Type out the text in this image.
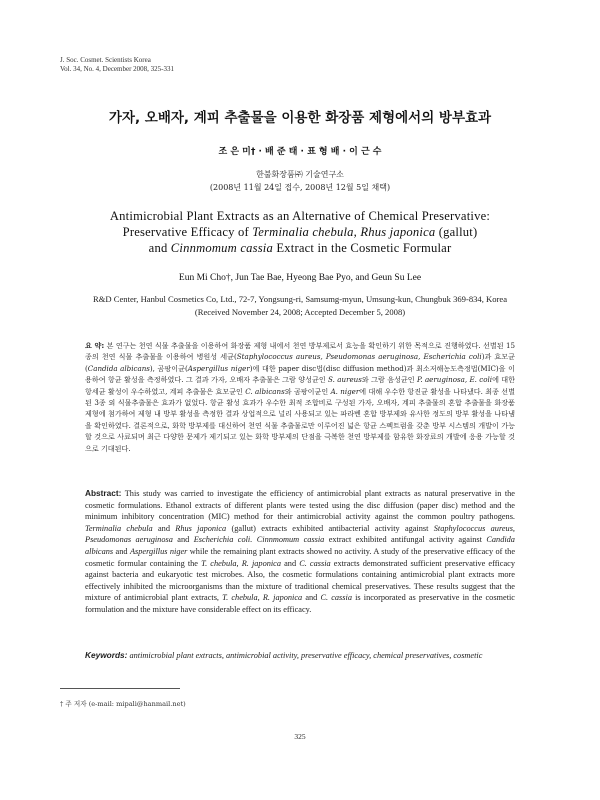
J. Soc. Cosmet. Scientists Korea
Vol. 34, No. 4, December 2008, 325-331
가자, 오배자, 계피 추출물을 이용한 화장품 제형에서의 방부효과
조 은 미† · 배 준 태 · 표 형 배 · 이 근 수
한불화장품㈜ 기술연구소
(2008년 11월 24일 접수, 2008년 12월 5일 채택)
Antimicrobial Plant Extracts as an Alternative of Chemical Preservative:
Preservative Efficacy of Terminalia chebula, Rhus japonica (gallut)
and Cinnmomum cassia Extract in the Cosmetic Formular
Eun Mi Cho†, Jun Tae Bae, Hyeong Bae Pyo, and Geun Su Lee
R&D Center, Hanbul Cosmetics Co, Ltd., 72-7, Yongsung-ri, Samsumg-myun, Umsung-kun, Chungbuk 369-834, Korea
(Received November 24, 2008; Accepted December 5, 2008)
요 약: 본 연구는 천연 식물 추출물을 이용하여 화장품 제형 내에서 천연 방부제로서 효능을 확인하기 위한 목적으로 진행하였다. 선별된 15종의 천연 식물 추출물을 이용하여 병원성 세균(Staphylococcus aureus, Pseudomonas aeruginosa, Escherichia coli)과 효모균(Candida albicans), 곰팡이균(Aspergillus niger)에 대한 paper disc법(disc diffusion method)과 최소저해농도측정법(MIC)을 이용하여 항균 활성을 측정하였다. 그 결과 가자, 오배자 추출물은 그람 양성균인 S. aureus와 그람 음성균인 P. aeruginosa, E. coli에 대한 항세균 활성이 우수하였고, 계피 추출물은 효모균인 C. albicans와 곰팡이균인 A. niger에 대해 우수한 항진균 활성을 나타냈다. 최종 선별된 3종 외 식물추출물은 효과가 없었다. 항균 활성 효과가 우수한 최적 조합비로 구성된 가자, 오배자, 계피 추출물의 혼합 추출물을 화장품 제형에 첨가하여 제형 내 방부 활성을 측정한 결과 상업적으로 널리 사용되고 있는 파라벤 혼합 방부제와 유사한 정도의 방부 활성을 나타냄을 확인하였다. 결론적으로, 화학 방부제를 대신하여 천연 식물 추출물로만 이루어진 넓은 항균 스펙트럼을 갖춘 방부 시스템의 개발이 가능할 것으로 사료되며 최근 다양한 문제가 제기되고 있는 화학 방부제의 단점을 극복한 천연 방부제를 함유한 화장료의 개발에 응용 가능할 것으로 기대된다.
Abstract: This study was carried to investigate the efficiency of antimicrobial plant extracts as natural preservative in the cosmetic formulations. Ethanol extracts of different plants were tested using the disc diffusion (paper disc) method and the minimum inhibitory concentration (MIC) method for their antimicrobial activity against the common poultry pathogens. Terminalia chebula and Rhus japonica (gallut) extracts exhibited antibacterial activity against Staphylococcus aureus, Pseudomonas aeruginosa and Escherichia coli. Cinnmomum cassia extract exhibited antifungal activity against Candida albicans and Aspergillus niger while the remaining plant extracts showed no activity. A study of the preservative efficacy of the cosmetic formular containing the T. chebula, R. japonica and C. cassia extracts demonstrated sufficient preservative efficacy against bacteria and eukaryotic test microbes. Also, the cosmetic formulations containing antimicrobial plant extracts more effectively inhibited the microorganisms than the mixture of traditional chemical preservatives. These results suggest that the mixture of antimicrobial plant extracts, T. chebula, R. japonica and C. cassia is incorporated as preservative in the cosmetic formulation and the mixture have considerable effect on its efficacy.
Keywords: antimicrobial plant extracts, antimicrobial activity, preservative efficacy, chemical preservatives, cosmetic
† 주 저자 (e-mail: mipali@hanmail.net)
325
